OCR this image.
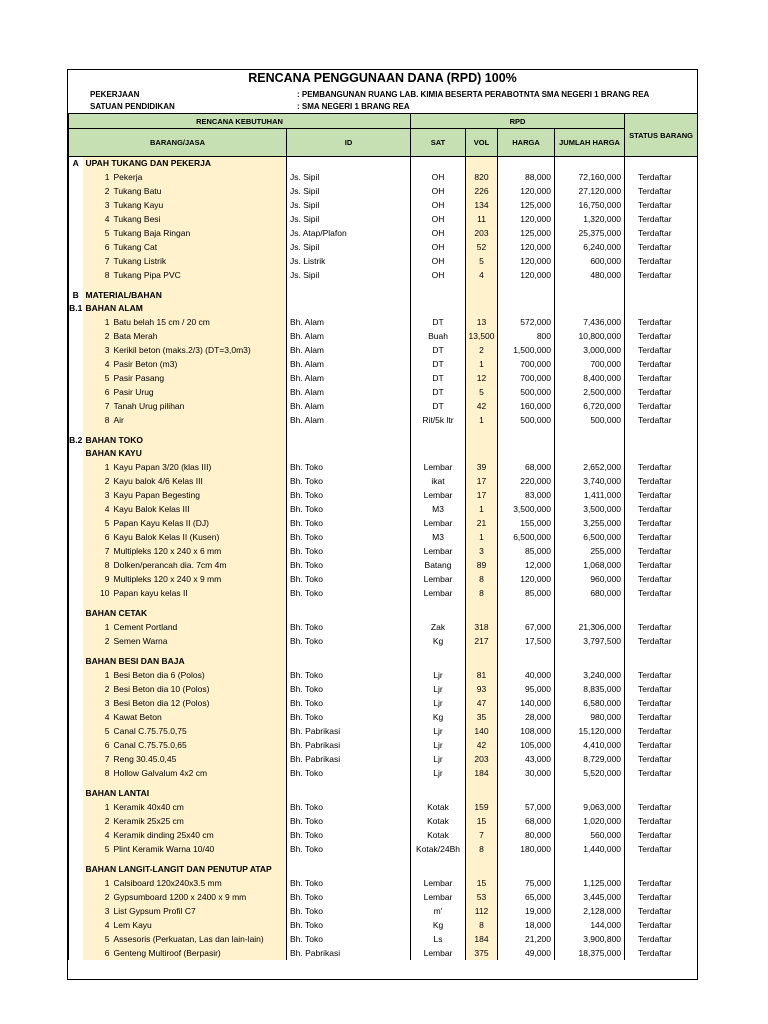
RENCANA PENGGUNAAN DANA (RPD) 100%
PEKERJAAN	: PEMBANGUNAN RUANG LAB. KIMIA BESERTA PERABOTNTA SMA NEGERI 1 BRANG REA
SATUAN PENDIDIKAN	: SMA NEGERI 1 BRANG REA
RENCANA KEBUTUHAN			RPD				STATUS BARANG
BARANG/JASA		ID	SAT	VOL	HARGA	JUMLAH HARGA	
A	UPAH TUKANG DAN PEKERJA						
	1 Pekerja	Js. Sipil	OH	820	88,000	72,160,000	Terdaftar
	2 Tukang Batu	Js. Sipil	OH	226	120,000	27,120,000	Terdaftar
	3 Tukang Kayu	Js. Sipil	OH	134	125,000	16,750,000	Terdaftar
	4 Tukang Besi	Js. Sipil	OH	11	120,000	1,320,000	Terdaftar
	5 Tukang Baja Ringan	Js. Atap/Plafon	OH	203	125,000	25,375,000	Terdaftar
	6 Tukang Cat	Js. Sipil	OH	52	120,000	6,240,000	Terdaftar
	7 Tukang Listrik	Js. Listrik	OH	5	120,000	600,000	Terdaftar
	8 Tukang Pipa PVC	Js. Sipil	OH	4	120,000	480,000	Terdaftar

B	MATERIAL/BAHAN						
B.1	BAHAN ALAM						
	1 Batu belah 15 cm / 20 cm	Bh. Alam	DT	13	572,000	7,436,000	Terdaftar
	2 Bata Merah	Bh. Alam	Buah	13,500	800	10,800,000	Terdaftar
	3 Kerikil beton (maks.2/3) (DT=3,0m3)	Bh. Alam	DT	2	1,500,000	3,000,000	Terdaftar
	4 Pasir Beton (m3)	Bh. Alam	DT	1	700,000	700,000	Terdaftar
	5 Pasir Pasang	Bh. Alam	DT	12	700,000	8,400,000	Terdaftar
	6 Pasir Urug	Bh. Alam	DT	5	500,000	2,500,000	Terdaftar
	7 Tanah Urug pilihan	Bh. Alam	DT	42	160,000	6,720,000	Terdaftar
	8 Air	Bh. Alam	Rit/5k ltr	1	500,000	500,000	Terdaftar

B.2	BAHAN TOKO						
	BAHAN KAYU						
	1 Kayu Papan 3/20 (klas III)	Bh. Toko	Lembar	39	68,000	2,652,000	Terdaftar
	2 Kayu balok 4/6 Kelas III	Bh. Toko	ikat	17	220,000	3,740,000	Terdaftar
	3 Kayu Papan Begesting	Bh. Toko	Lembar	17	83,000	1,411,000	Terdaftar
	4 Kayu Balok Kelas III	Bh. Toko	M3	1	3,500,000	3,500,000	Terdaftar
	5 Papan Kayu Kelas II (DJ)	Bh. Toko	Lembar	21	155,000	3,255,000	Terdaftar
	6 Kayu Balok Kelas II (Kusen)	Bh. Toko	M3	1	6,500,000	6,500,000	Terdaftar
	7 Multipleks 120 x 240 x 6 mm	Bh. Toko	Lembar	3	85,000	255,000	Terdaftar
	8 Dolken/perancah dia. 7cm 4m	Bh. Toko	Batang	89	12,000	1,068,000	Terdaftar
	9 Multipleks 120 x 240 x 9 mm	Bh. Toko	Lembar	8	120,000	960,000	Terdaftar
	10 Papan kayu kelas II	Bh. Toko	Lembar	8	85,000	680,000	Terdaftar

	BAHAN CETAK						
	1 Cement Portland	Bh. Toko	Zak	318	67,000	21,306,000	Terdaftar
	2 Semen Warna	Bh. Toko	Kg	217	17,500	3,797,500	Terdaftar

	BAHAN BESI DAN BAJA						
	1 Besi Beton dia 6 (Polos)	Bh. Toko	Ljr	81	40,000	3,240,000	Terdaftar
	2 Besi Beton dia 10 (Polos)	Bh. Toko	Ljr	93	95,000	8,835,000	Terdaftar
	3 Besi Beton dia 12 (Polos)	Bh. Toko	Ljr	47	140,000	6,580,000	Terdaftar
	4 Kawat Beton	Bh. Toko	Kg	35	28,000	980,000	Terdaftar
	5 Canal C.75.75.0,75	Bh. Pabrikasi	Ljr	140	108,000	15,120,000	Terdaftar
	6 Canal C.75.75.0,65	Bh. Pabrikasi	Ljr	42	105,000	4,410,000	Terdaftar
	7 Reng 30.45.0,45	Bh. Pabrikasi	Ljr	203	43,000	8,729,000	Terdaftar
	8 Hollow Galvalum 4x2 cm	Bh. Toko	Ljr	184	30,000	5,520,000	Terdaftar

	BAHAN LANTAI						
	1 Keramik 40x40 cm	Bh. Toko	Kotak	159	57,000	9,063,000	Terdaftar
	2 Keramik 25x25 cm	Bh. Toko	Kotak	15	68,000	1,020,000	Terdaftar
	4 Keramik dinding 25x40 cm	Bh. Toko	Kotak	7	80,000	560,000	Terdaftar
	5 Plint Keramik Warna 10/40	Bh. Toko	Kotak/24Bh	8	180,000	1,440,000	Terdaftar

	BAHAN LANGIT-LANGIT DAN PENUTUP ATAP						
	1 Calsiboard 120x240x3.5 mm	Bh. Toko	Lembar	15	75,000	1,125,000	Terdaftar
	2 Gypsumboard 1200 x 2400 x 9 mm	Bh. Toko	Lembar	53	65,000	3,445,000	Terdaftar
	3 List Gypsum Profil C7	Bh. Toko	m'	112	19,000	2,128,000	Terdaftar
	4 Lem Kayu	Bh. Toko	Kg	8	18,000	144,000	Terdaftar
	5 Assesoris (Perkuatan, Las dan lain-lain)	Bh. Toko	Ls	184	21,200	3,900,800	Terdaftar
	6 Genteng Multiroof (Berpasir)	Bh. Pabrikasi	Lembar	375	49,000	18,375,000	Terdaftar
